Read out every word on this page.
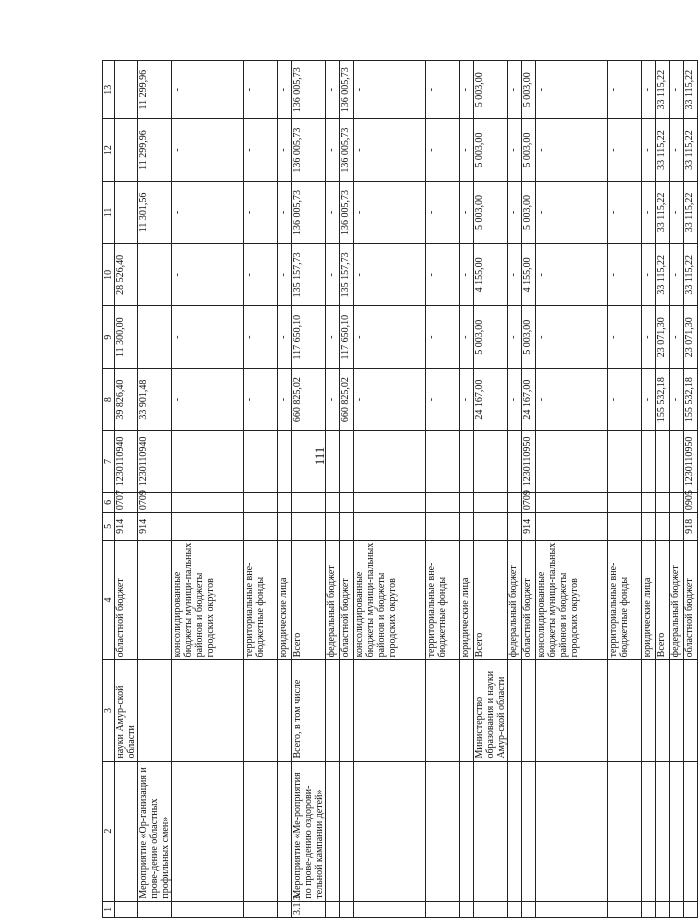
111
1	2	3	4	5	6	7	8	9	10	11	12	13
		науки Амур-ской области	областной бюджет	914	0707	1230110940	39 826,40	11 300,00	28 526,40			
	Мероприятие «Ор-ганизация и прове-дение областных профильных смен»			914	0709	1230110940	33 901,48			11 301,56	11 299,96	11 299,96
			консолидированные бюджеты муници-пальных районов и бюджеты городских округов				-	-	-	-	-	-
			территориальные вне-бюджетные фонды				-	-	-	-	-	-
			юридические лица				-	-	-	-	-	-
3.1.3.	Мероприятие «Ме-роприятия по прове-дению оздорови-тельной кампании детей»	Всего, в том числе	Всего				660 825,02	117 650,10	135 157,73	136 005,73	136 005,73	136 005,73
			федеральный бюджет				-	-	-	-	-	-
			областной бюджет				660 825,02	117 650,10	135 157,73	136 005,73	136 005,73	136 005,73
			консолидированные бюджеты муници-пальных районов и бюджеты городских округов				-	-	-	-	-	-
			территориальные вне-бюджетные фонды				-	-	-	-	-	-
			юридические лица				-	-	-	-	-	-
		Министерство образования и науки Амур-ской области	Всего				24 167,00	5 003,00	4 155,00	5 003,00	5 003,00	5 003,00
			федеральный бюджет				-	-	-	-	-	-
			областной бюджет	914	0709	1230110950	24 167,00	5 003,00	4 155,00	5 003,00	5 003,00	5 003,00
			консолидированные бюджеты муници-пальных районов и бюджеты городских округов				-	-	-	-	-	-
			территориальные вне-бюджетные фонды				-	-	-	-	-	-
			юридические лица				-	-	-	-	-	-
			Всего				155 532,18	23 071,30	33 115,22	33 115,22	33 115,22	33 115,22
			федеральный бюджет				-	-	-	-	-	-
			областной бюджет	918	0905	1230110950	155 532,18	23 071,30	33 115,22	33 115,22	33 115,22	33 115,22
